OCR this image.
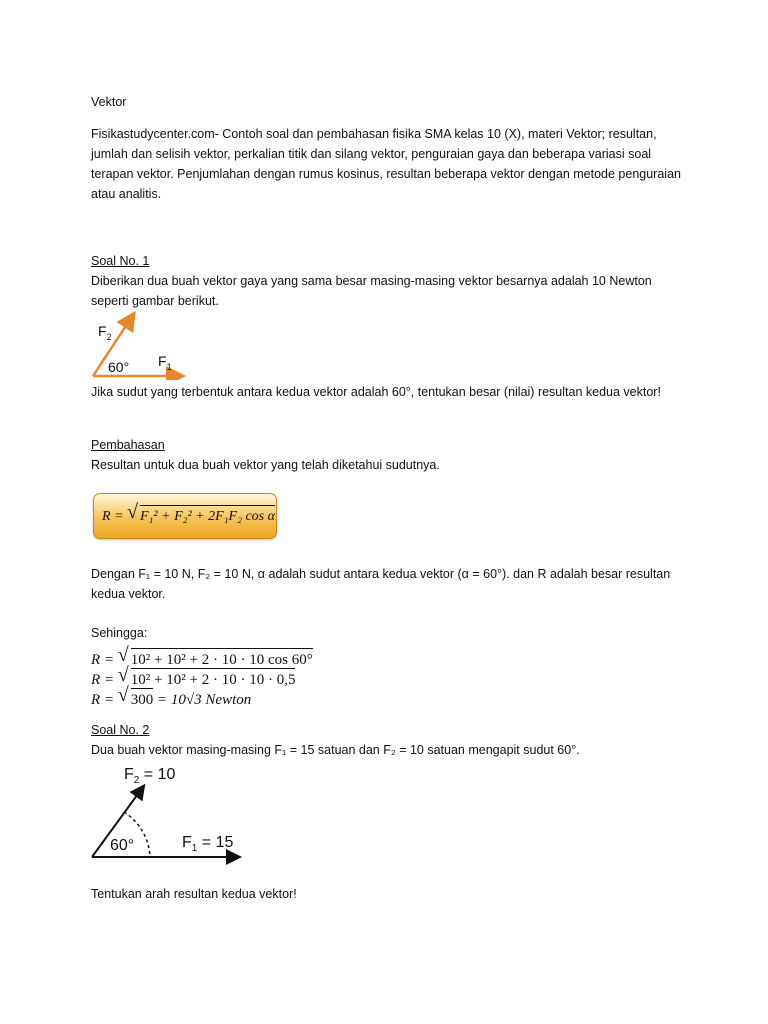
Vektor
Fisikastudycenter.com- Contoh soal dan pembahasan fisika SMA kelas 10 (X), materi Vektor; resultan, jumlah dan selisih vektor, perkalian titik dan silang vektor, penguraian gaya dan beberapa variasi soal terapan vektor. Penjumlahan dengan rumus kosinus, resultan beberapa vektor dengan metode penguraian atau analitis.
Soal No. 1
Diberikan dua buah vektor gaya yang sama besar masing-masing vektor besarnya adalah 10 Newton seperti gambar berikut.
$F_2$
60° $F_1$
Jika sudut yang terbentuk antara kedua vektor adalah 60°, tentukan besar (nilai) resultan kedua vektor!
Pembahasan
Resultan untuk dua buah vektor yang telah diketahui sudutnya.
R = √ F₁² + F₂² + 2F₁F₂ cos α
Dengan F₁ = 10 N, F₂ = 10 N, α adalah sudut antara kedua vektor (α = 60°). dan R adalah besar resultan kedua vektor.
Sehingga:
R = √ 10² + 10² + 2 · 10 · 10 cos 60°
R = √ 10² + 10² + 2 · 10 · 10 · 0,5
R = √ 300 = 10√3 Newton
Soal No. 2
Dua buah vektor masing-masing F₁ = 15 satuan dan F₂ = 10 satuan mengapit sudut 60°.
$F_2 = 10$
60°	$F_1 = 15$
Tentukan arah resultan kedua vektor!
